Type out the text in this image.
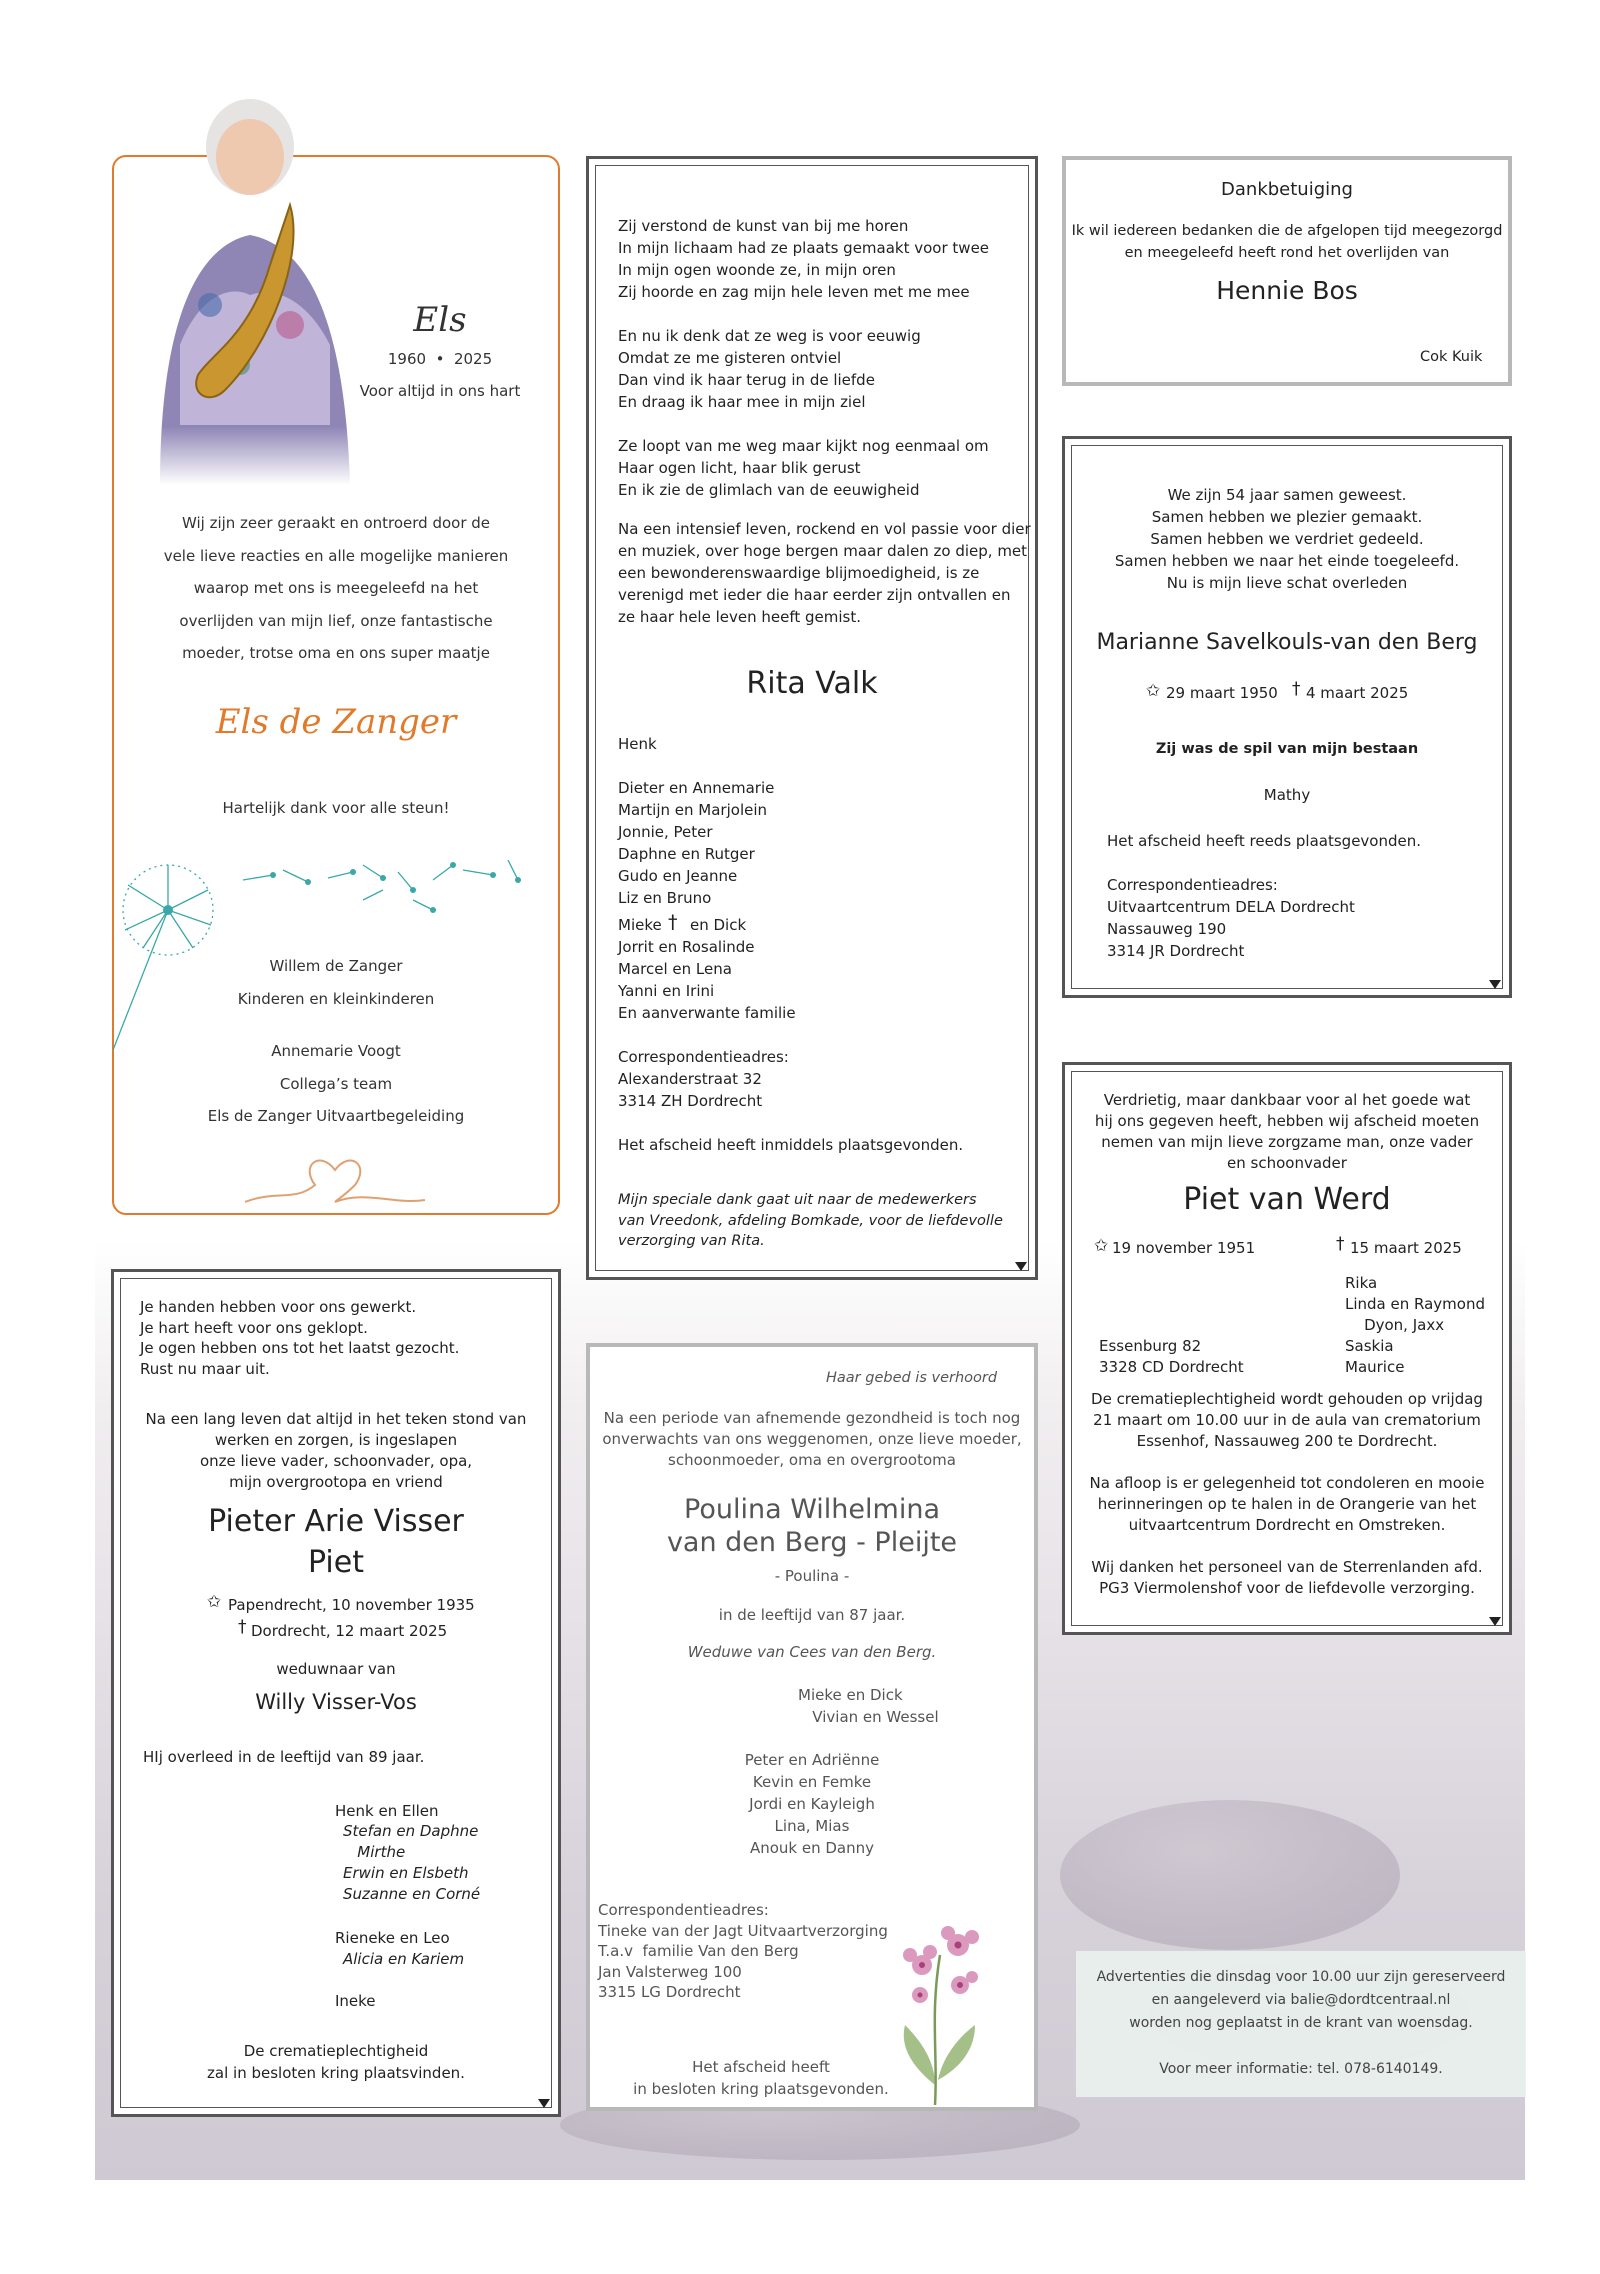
Els
1960  •  2025
Voor altijd in ons hart
Wij zijn zeer geraakt en ontroerd door de
vele lieve reacties en alle mogelijke manieren
waarop met ons is meegeleefd na het
overlijden van mijn lief, onze fantastische
moeder, trotse oma en ons super maatje
Els de Zanger
Hartelijk dank voor alle steun!
Willem de Zanger
Kinderen en kleinkinderen
Annemarie Voogt
Collega’s team
Els de Zanger Uitvaartbegeleiding
Zij verstond de kunst van bij me horen
In mijn lichaam had ze plaats gemaakt voor twee
In mijn ogen woonde ze, in mijn oren
Zij hoorde en zag mijn hele leven met me mee

En nu ik denk dat ze weg is voor eeuwig
Omdat ze me gisteren ontviel
Dan vind ik haar terug in de liefde
En draag ik haar mee in mijn ziel

Ze loopt van me weg maar kijkt nog eenmaal om
Haar ogen licht, haar blik gerust
En ik zie de glimlach van de eeuwigheid
Na een intensief leven, rockend en vol passie voor dier
en muziek, over hoge bergen maar dalen zo diep, met
een bewonderenswaardige blijmoedigheid, is ze
verenigd met ieder die haar eerder zijn ontvallen en
ze haar hele leven heeft gemist.
Rita Valk
Henk

Dieter en Annemarie
Martijn en Marjolein
Jonnie, Peter
Daphne en Rutger
Gudo en Jeanne
Liz en Bruno
Mieke † en Dick
Jorrit en Rosalinde
Marcel en Lena
Yanni en Irini
En aanverwante familie

Correspondentieadres:
Alexanderstraat 32
3314 ZH Dordrecht

Het afscheid heeft inmiddels plaatsgevonden.
Mijn speciale dank gaat uit naar de medewerkers
van Vreedonk, afdeling Bomkade, voor de liefdevolle
verzorging van Rita.
Dankbetuiging
Ik wil iedereen bedanken die de afgelopen tijd meegezorgd
en meegeleefd heeft rond het overlijden van
Hennie Bos
Cok Kuik
We zijn 54 jaar samen geweest.
Samen hebben we plezier gemaakt.
Samen hebben we verdriet gedeeld.
Samen hebben we naar het einde toegeleefd.
Nu is mijn lieve schat overleden
Marianne Savelkouls-van den Berg
✩ 29 maart 1950 † 4 maart 2025
Zij was de spil van mijn bestaan
Mathy
Het afscheid heeft reeds plaatsgevonden.

Correspondentieadres:
Uitvaartcentrum DELA Dordrecht
Nassauweg 190
3314 JR Dordrecht
Verdrietig, maar dankbaar voor al het goede wat
hij ons gegeven heeft, hebben wij afscheid moeten
nemen van mijn lieve zorgzame man, onze vader
en schoonvader
Piet van Werd
✩ 19 november 1951	† 15 maart 2025
Rika
Linda en Raymond
Dyon, Jaxx
Saskia
Maurice
Essenburg 82
3328 CD Dordrecht
De crematieplechtigheid wordt gehouden op vrijdag
21 maart om 10.00 uur in de aula van crematorium
Essenhof, Nassauweg 200 te Dordrecht.

Na afloop is er gelegenheid tot condoleren en mooie
herinneringen op te halen in de Orangerie van het
uitvaartcentrum Dordrecht en Omstreken.

Wij danken het personeel van de Sterrenlanden afd.
PG3 Viermolenshof voor de liefdevolle verzorging.
Je handen hebben voor ons gewerkt.
Je hart heeft voor ons geklopt.
Je ogen hebben ons tot het laatst gezocht.
Rust nu maar uit.
Na een lang leven dat altijd in het teken stond van
werken en zorgen, is ingeslapen
onze lieve vader, schoonvader, opa,
mijn overgrootopa en vriend
Pieter Arie Visser
Piet
✩ Papendrecht, 10 november 1935
† Dordrecht, 12 maart 2025
weduwnaar van
Willy Visser-Vos
HIj overleed in de leeftijd van 89 jaar.
Henk en Ellen
Stefan en Daphne
Mirthe
Erwin en Elsbeth
Suzanne en Corné
Rieneke en Leo
Alicia en Kariem
Ineke
De crematieplechtigheid
zal in besloten kring plaatsvinden.
Haar gebed is verhoord
Na een periode van afnemende gezondheid is toch nog
onverwachts van ons weggenomen, onze lieve moeder,
schoonmoeder, oma en overgrootoma
Poulina Wilhelmina
van den Berg - Pleijte
- Poulina -
in de leeftijd van 87 jaar.
Weduwe van Cees van den Berg.
Mieke en Dick
Vivian en Wessel
Peter en Adriënne
Kevin en Femke
Jordi en Kayleigh
Lina, Mias
Anouk en Danny
Correspondentieadres:
Tineke van der Jagt Uitvaartverzorging
T.a.v  familie Van den Berg
Jan Valsterweg 100
3315 LG Dordrecht
Het afscheid heeft
in besloten kring plaatsgevonden.
Advertenties die dinsdag voor 10.00 uur zijn gereserveerd
en aangeleverd via balie@dordtcentraal.nl
worden nog geplaatst in de krant van woensdag.

Voor meer informatie: tel. 078-6140149.
